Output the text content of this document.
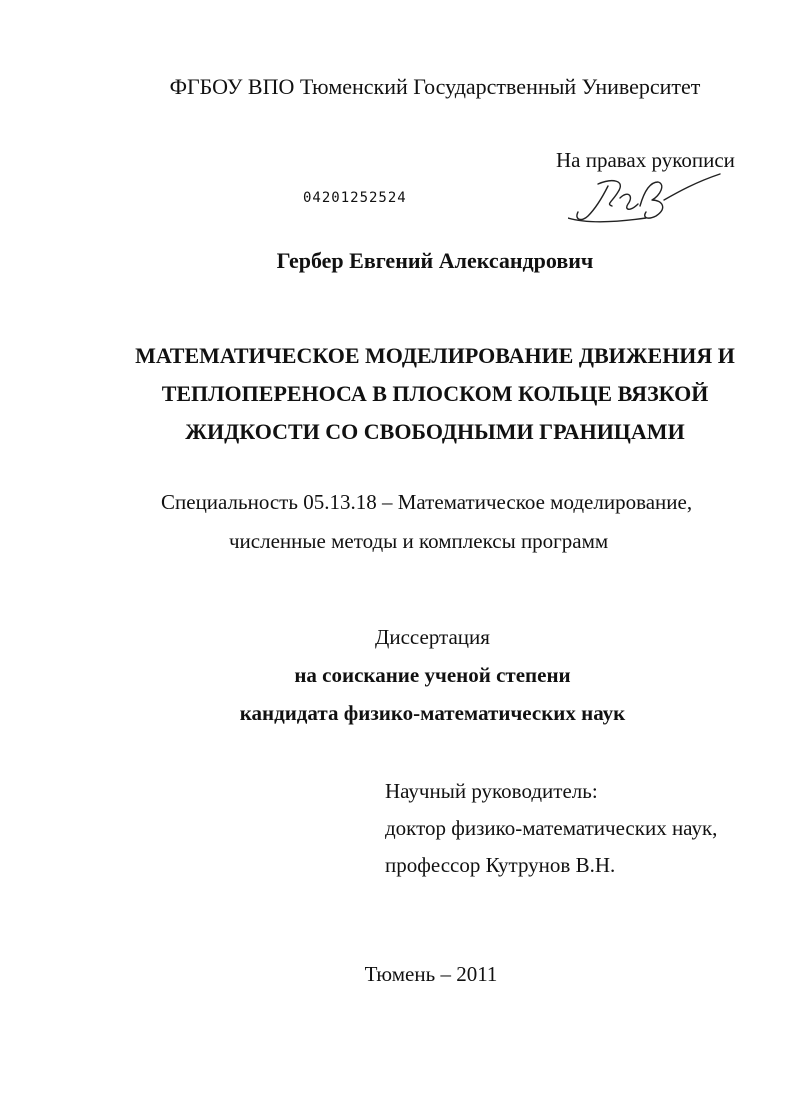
ФГБОУ ВПО Тюменский Государственный Университет
На правах рукописи
04201252524
Гербер Евгений Александрович
МАТЕМАТИЧЕСКОЕ МОДЕЛИРОВАНИЕ ДВИЖЕНИЯ И
ТЕПЛОПЕРЕНОСА В ПЛОСКОМ КОЛЬЦЕ ВЯЗКОЙ
ЖИДКОСТИ СО СВОБОДНЫМИ ГРАНИЦАМИ
Специальность 05.13.18 – Математическое моделирование,
численные методы и комплексы программ
Диссертация
на соискание ученой степени
кандидата физико-математических наук
Научный руководитель:
доктор физико-математических наук,
профессор Кутрунов В.Н.
Тюмень – 2011
